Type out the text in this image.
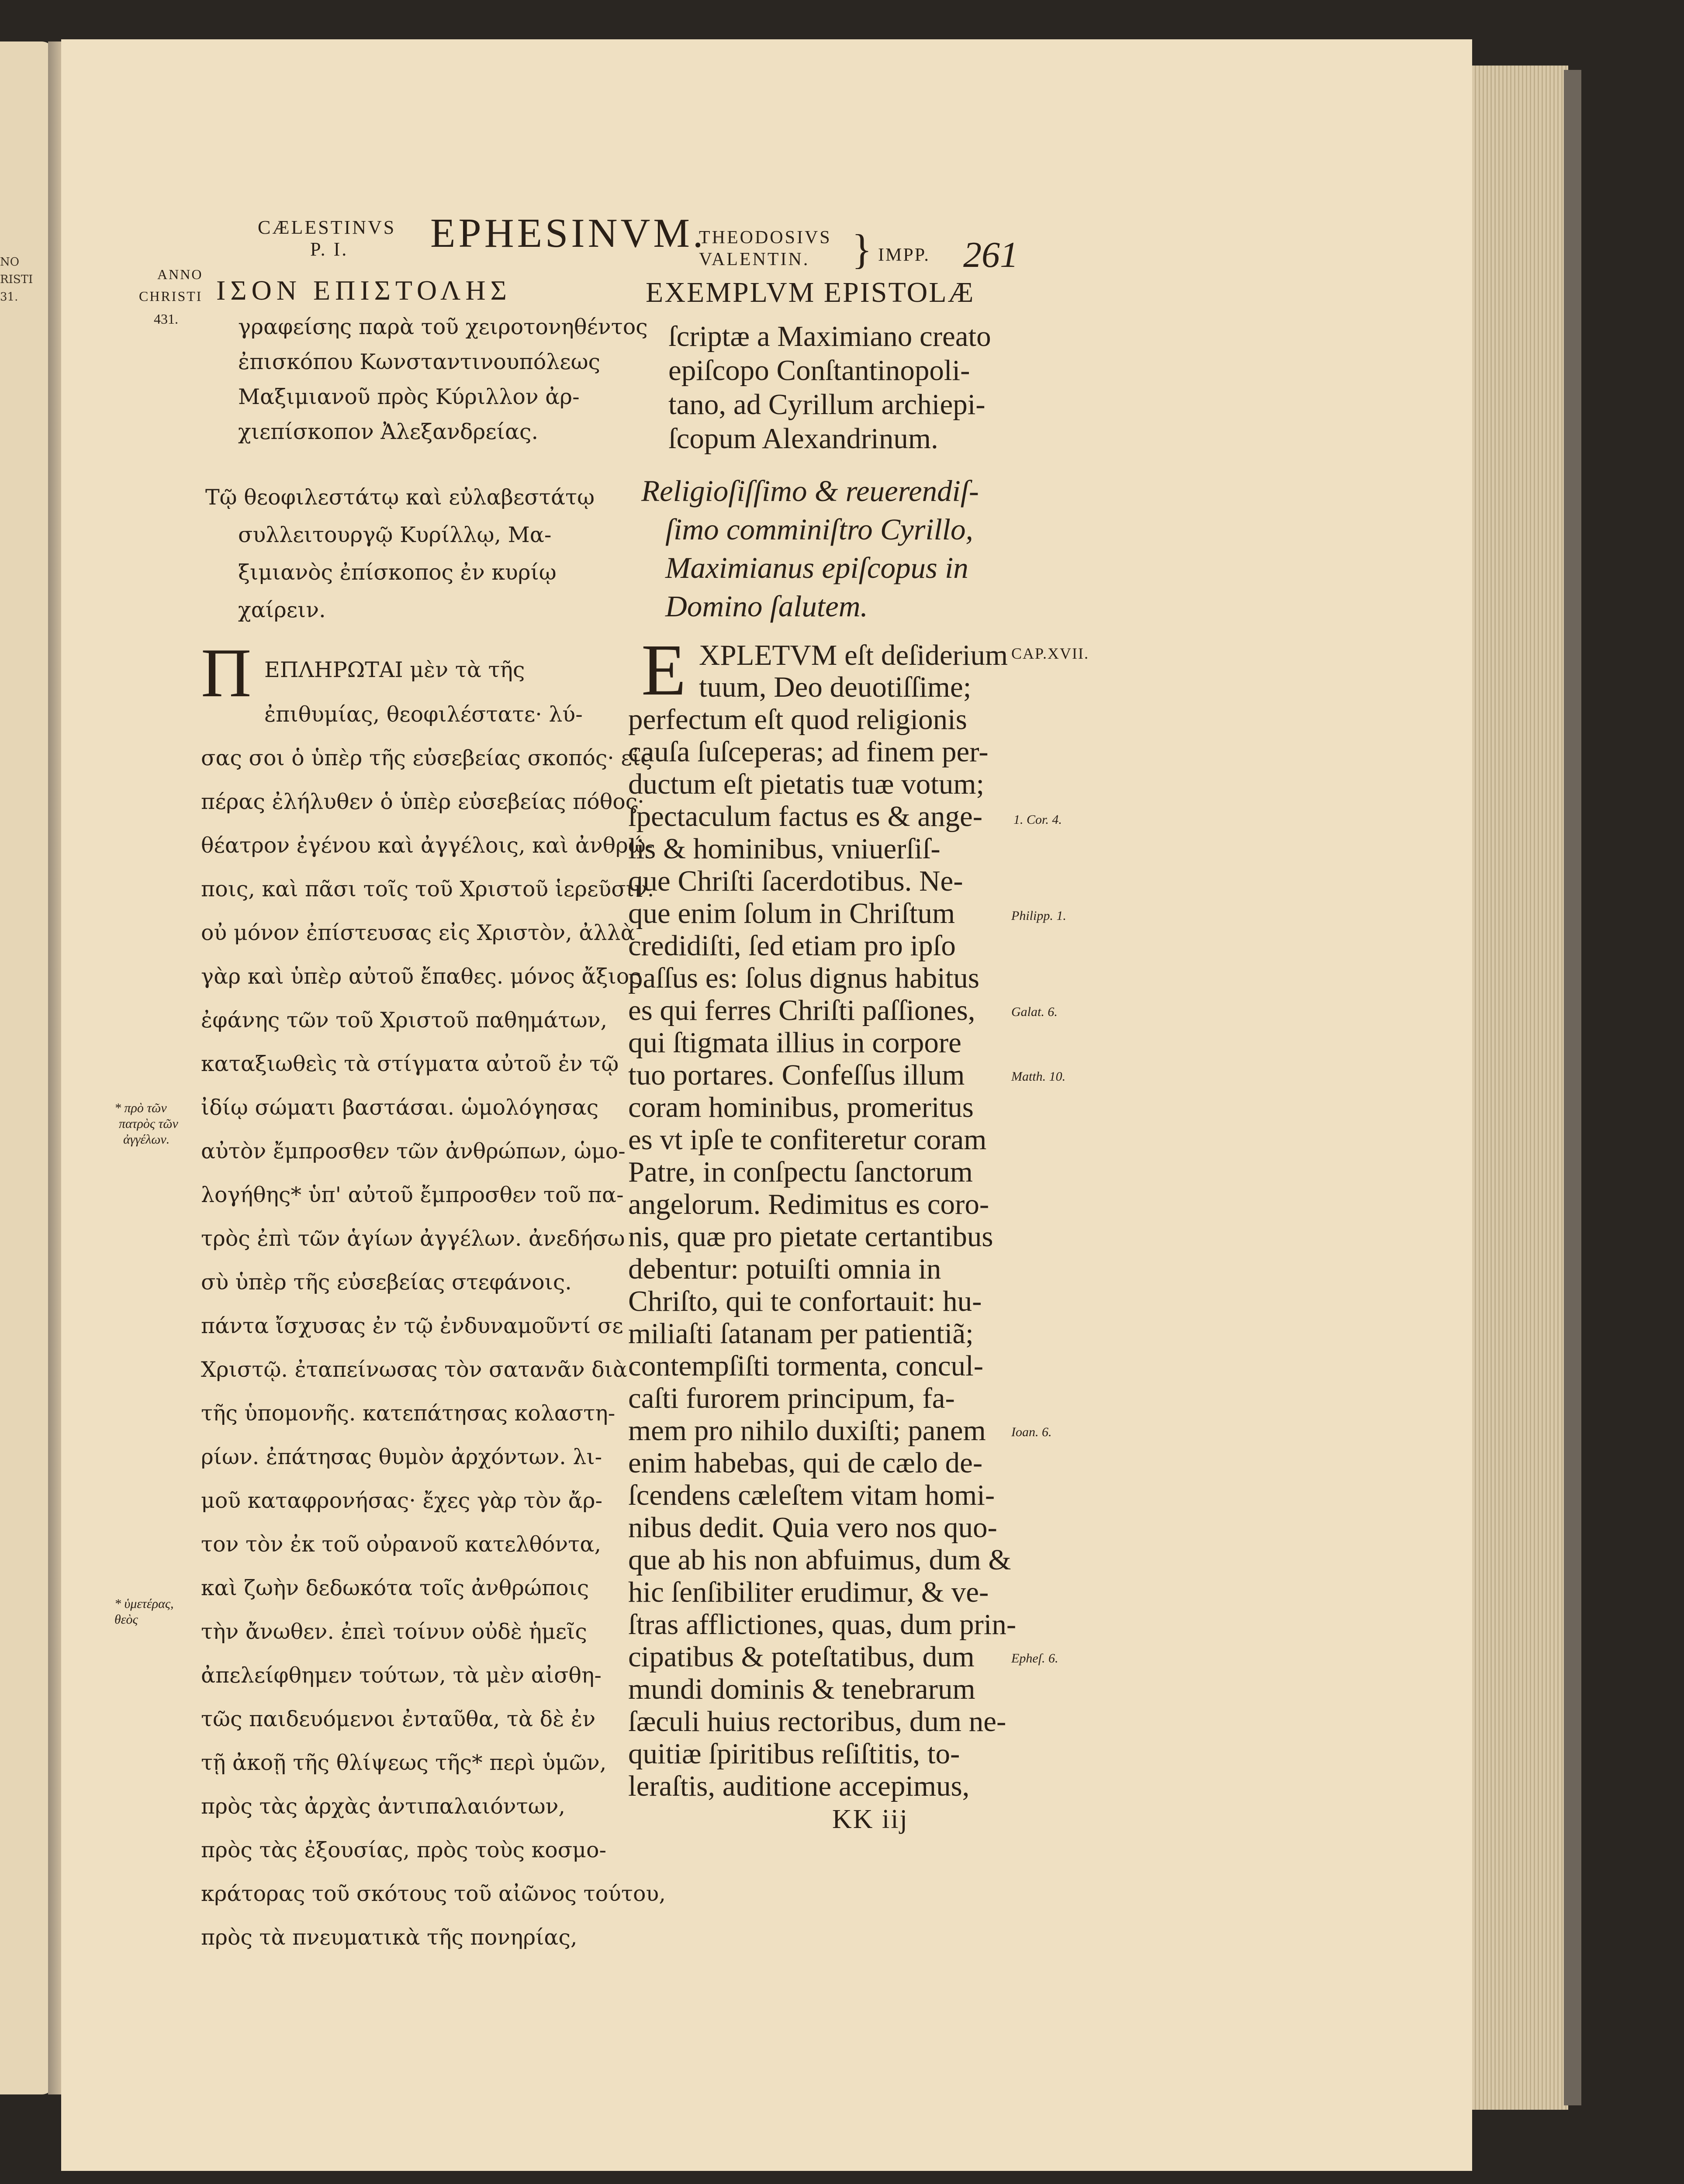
NO
RISTI
31.
CÆLESTINVS
P. I. EPHESINVM.
THEODOSIVS
VALENTIN. } IMPP. 261
ANNO
CHRISTI
431.
ΙΣΟΝ ΕΠΙΣΤΟΛΗΣ
γραφείσης παρὰ τοῦ χειροτονηθέντος
ἐπισκόπου Κωνσταντινουπόλεως
Μαξιμιανοῦ πρὸς Κύριλλον ἀρ-
χιεπίσκοπον Ἀλεξανδρείας.
Τῷ θεοφιλεστάτῳ καὶ εὐλαβεστάτῳ
συλλειτουργῷ Κυρίλλῳ, Μα-
ξιμιανὸς ἐπίσκοπος ἐν κυρίῳ
χαίρειν.
Π ΕΠΛΗΡΩΤΑΙ μὲν τὰ τῆς
ἐπιθυμίας, θεοφιλέστατε· λύ-
σας σοι ὁ ὑπὲρ τῆς εὐσεβείας σκοπός· εἰς
πέρας ἐλήλυθεν ὁ ὑπὲρ εὐσεβείας πόθος·
θέατρον ἐγένου καὶ ἀγγέλοις, καὶ ἀνθρώ-
ποις, καὶ πᾶσι τοῖς τοῦ Χριστοῦ ἱερεῦσιν.
οὐ μόνον ἐπίστευσας εἰς Χριστὸν, ἀλλὰ
γὰρ καὶ ὑπὲρ αὐτοῦ ἔπαθες. μόνος ἄξιος
ἐφάνης τῶν τοῦ Χριστοῦ παθημάτων,
καταξιωθεὶς τὰ στίγματα αὐτοῦ ἐν τῷ
ἰδίῳ σώματι βαστάσαι. ὡμολόγησας
αὐτὸν ἔμπροσθεν τῶν ἀνθρώπων, ὡμο-
λογήθης* ὑπ' αὐτοῦ ἔμπροσθεν τοῦ πα-
τρὸς ἐπὶ τῶν ἁγίων ἀγγέλων. ἀνεδήσω
σὺ ὑπὲρ τῆς εὐσεβείας στεφάνοις.
πάντα ἴσχυσας ἐν τῷ ἐνδυναμοῦντί σε
Χριστῷ. ἐταπείνωσας τὸν σατανᾶν διὰ
τῆς ὑπομονῆς. κατεπάτησας κολαστη-
ρίων. ἐπάτησας θυμὸν ἀρχόντων. λι-
μοῦ καταφρονήσας· ἔχες γὰρ τὸν ἄρ-
τον τὸν ἐκ τοῦ οὐρανοῦ κατελθόντα,
καὶ ζωὴν δεδωκότα τοῖς ἀνθρώποις
τὴν ἄνωθεν. ἐπεὶ τοίνυν οὐδὲ ἡμεῖς
ἀπελείφθημεν τούτων, τὰ μὲν αἰσθη-
τῶς παιδευόμενοι ἐνταῦθα, τὰ δὲ ἐν
τῇ ἀκοῇ τῆς θλίψεως τῆς* περὶ ὑμῶν,
πρὸς τὰς ἀρχὰς ἀντιπαλαιόντων,
πρὸς τὰς ἐξουσίας, πρὸς τοὺς κοσμο-
κράτορας τοῦ σκότους τοῦ αἰῶνος τούτου,
πρὸς τὰ πνευματικὰ τῆς πονηρίας,
* πρὸ τῶν
πατρὸς τῶν
ἀγγέλων.
* ὑμετέρας,
θεὸς
EXEMPLVM EPISTOLÆ
ſcriptæ a Maximiano creato
epiſcopo Conſtantinopoli-
tano, ad Cyrillum archiepi-
ſcopum Alexandrinum.
Religioſiſſimo & reuerendiſ-
ſimo comminiſtro Cyrillo,
Maximianus epiſcopus in
Domino ſalutem.
E XPLETVM eſt deſiderium
tuum, Deo deuotiſſime;
perfectum eſt quod religionis
cauſa ſuſceperas; ad finem per-
ductum eſt pietatis tuæ votum;
ſpectaculum factus es & ange-
lis & hominibus, vniuerſiſ-
que Chriſti ſacerdotibus. Ne-
que enim ſolum in Chriſtum
credidiſti, ſed etiam pro ipſo
paſſus es: ſolus dignus habitus
es qui ferres Chriſti paſſiones,
qui ſtigmata illius in corpore
tuo portares. Confeſſus illum
coram hominibus, promeritus
es vt ipſe te confiteretur coram
Patre, in conſpectu ſanctorum
angelorum. Redimitus es coro-
nis, quæ pro pietate certantibus
debentur: potuiſti omnia in
Chriſto, qui te confortauit: hu-
miliaſti ſatanam per patientiã;
contempſiſti tormenta, concul-
caſti furorem principum, fa-
mem pro nihilo duxiſti; panem
enim habebas, qui de cælo de-
ſcendens cæleſtem vitam homi-
nibus dedit. Quia vero nos quo-
que ab his non abfuimus, dum &
hic ſenſibiliter erudimur, & ve-
ſtras afflictiones, quas, dum prin-
cipatibus & poteſtatibus, dum
mundi dominis & tenebrarum
ſæculi huius rectoribus, dum ne-
quitiæ ſpiritibus reſiſtitis, to-
leraſtis, auditione accepimus,
KK iij
CAP.XVII.
1. Cor. 4.
Philipp. 1.
Galat. 6.
Matth. 10.
Ioan. 6.
Epheſ. 6.
